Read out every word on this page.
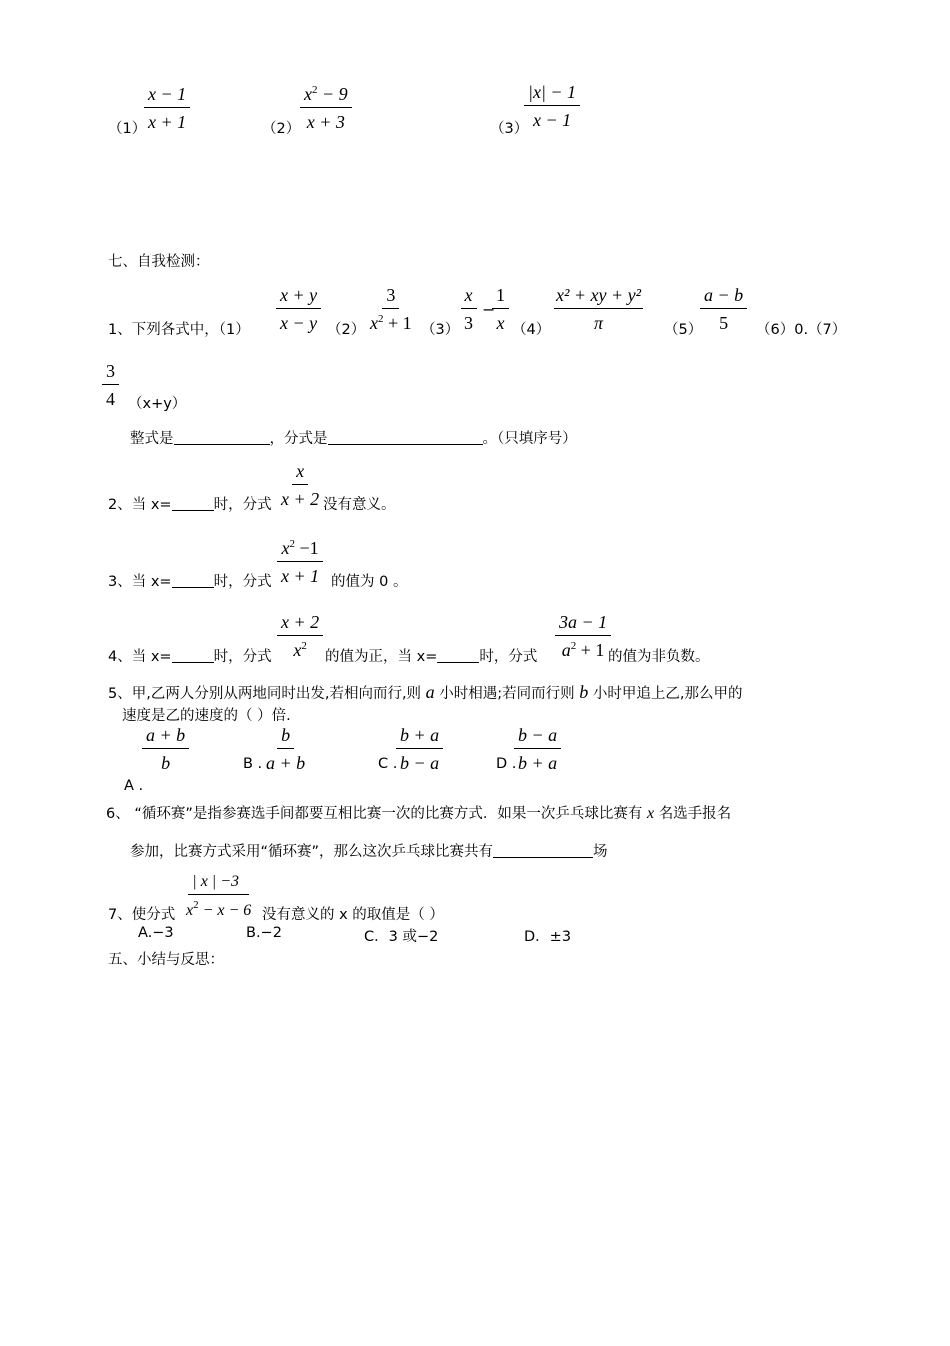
（1）
$\frac{x - 1}{x + 1}$	$(2) \frac{x^2 - 9}{x + 3}$	（3）
$\frac{|x| - 1}{x - 1}$
七、自我检测：
1、下列各式中，$(1) \frac{x + y}{x - y} (2) \frac{3}{x^2 + 1} (3) \frac{x}{3}$ −
$\frac{1}{x} (4) \frac{\text{x² + xy + y²}}{\pi} (5)$
$\frac{a - b}{5} (6)0.(7)$
$\frac{3}{4} (x+y)$
整式是	，分式是	。（只填序号）
2、当 x=	时，分式 $\frac{x}{x + 2}$ 没有意义。
3、当 x=	时，分式 $\frac{x^2 -1}{x + 1}$ 的值为 0 。
4、当 x=	时，分式 $\frac{x + 2}{x^2}$ 的值为正，当 x=	时，分式 $\frac{3a - 1}{a^2 + 1}$
的值为非负数。
5、甲,乙两人分别从两地同时出发,若相向而行,则 a 小时相遇;若同而行则 b 小时甲追上乙,那么甲的
速度是乙的速度的（ ）倍.
$\frac{a + b}{b}$
A .
B . $\frac{b}{a + b}$	C .
$\frac{b + a}{b - a}$	D .
$\frac{b - a}{b + a}$
6、 “循环赛”是指参赛选手间都要互相比赛一次的比赛方式．如果一次乒乓球比赛有 x 名选手报名
参加，比赛方式采用“循环赛”，那么这次乒乓球比赛共有	场
7、使分式 $\frac{| x | -3}{x^2 - x - 6}$ 没有意义的 x 的取值是（ ）
A.−3	B.−2	C．3 或−2	D．±3
五、小结与反思：
